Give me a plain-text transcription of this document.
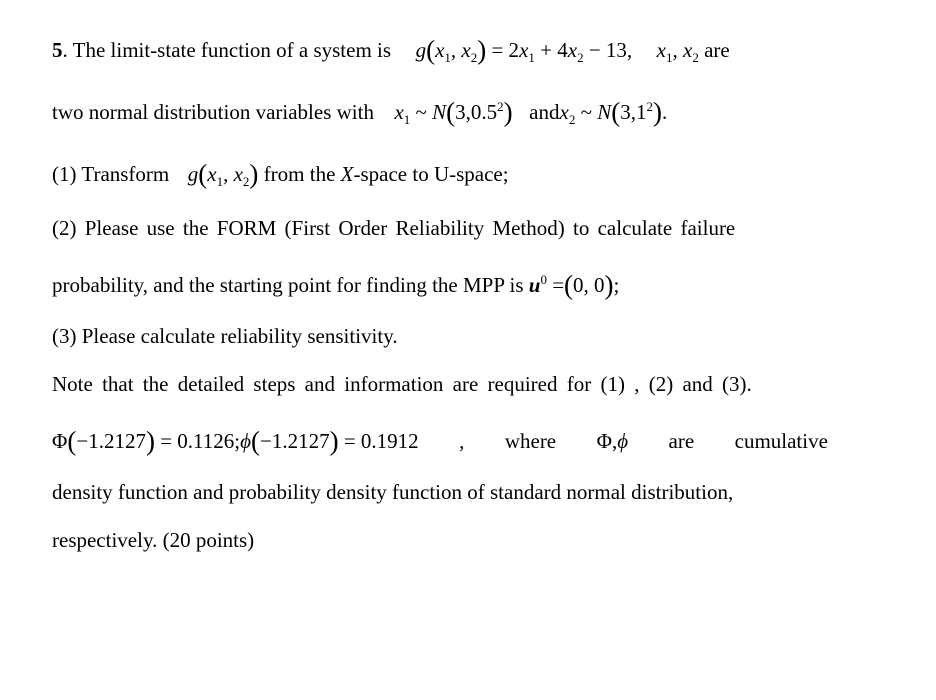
5. The limit-state function of a system is $g(x_1$, $x_2) = 2x_1 + 4x_2 - 13$, $x_1$, $x_2$ are
two normal distribution variables with $x_1$ ~ N(3,0.5$^2$) andx$_2$ ~ $N(3,1^2)$.
(1) Transform $g(x_1$, $x_2$) from the X-space to U-space;
(2) Please use the FORM (First Order Reliability Method) to calculate failure
probability, and the starting point for finding the MPP is $u^0 =(0$, 0);
(3) Please calculate reliability sensitivity.
Note that the detailed steps and information are required for (1) , (2) and (3).
Φ(−1.2127) = 0.1126;ϕ(−1.2127) = 0.1912 , where Φ,ϕ are cumulative
density function and probability density function of standard normal distribution,
respectively. (20 points)
